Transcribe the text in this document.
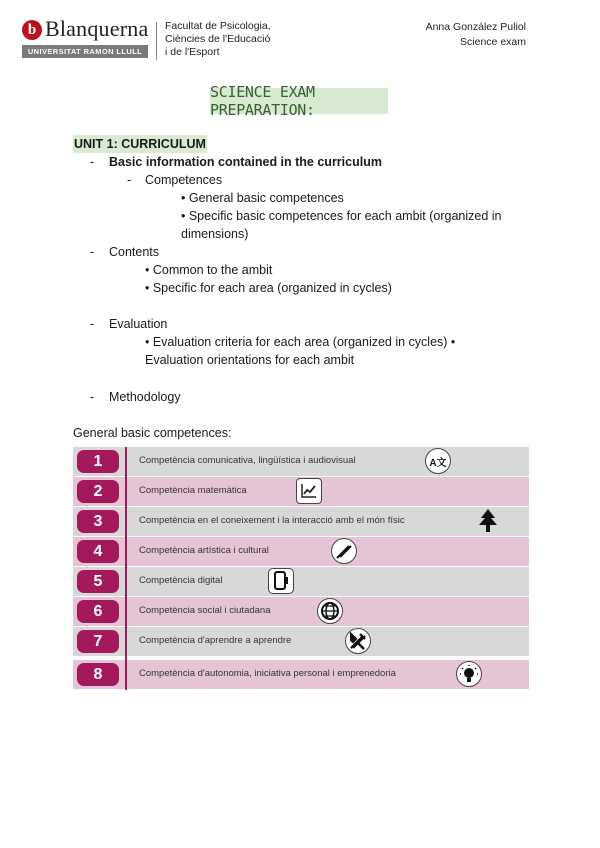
b Blanquerna
UNIVERSITAT RAMON LLULL
Facultat de Psicologia,
Ciències de l'Educació
i de l'Esport
Anna González Puliol
Science exam
SCIENCE EXAM PREPARATION:
UNIT 1: CURRICULUM
- Basic information contained in the curriculum
- Competences
• General basic competences
• Specific basic competences for each ambit (organized in
dimensions)
- Contents
• Common to the ambit
• Specific for each area (organized in cycles)
- Evaluation
• Evaluation criteria for each area (organized in cycles) •
Evaluation orientations for each ambit
- Methodology
General basic competences:
1	Competència comunicativa, lingüística i audiovisual	A文
2	Competència matemàtica
3	Competència en el coneixement i la interacció amb el món físic
4	Competència artística i cultural
5	Competència digital
6	Competència social i ciutadana
7	Competència d'aprendre a aprendre
8	Competència d'autonomia, iniciativa personal i emprenedoria
